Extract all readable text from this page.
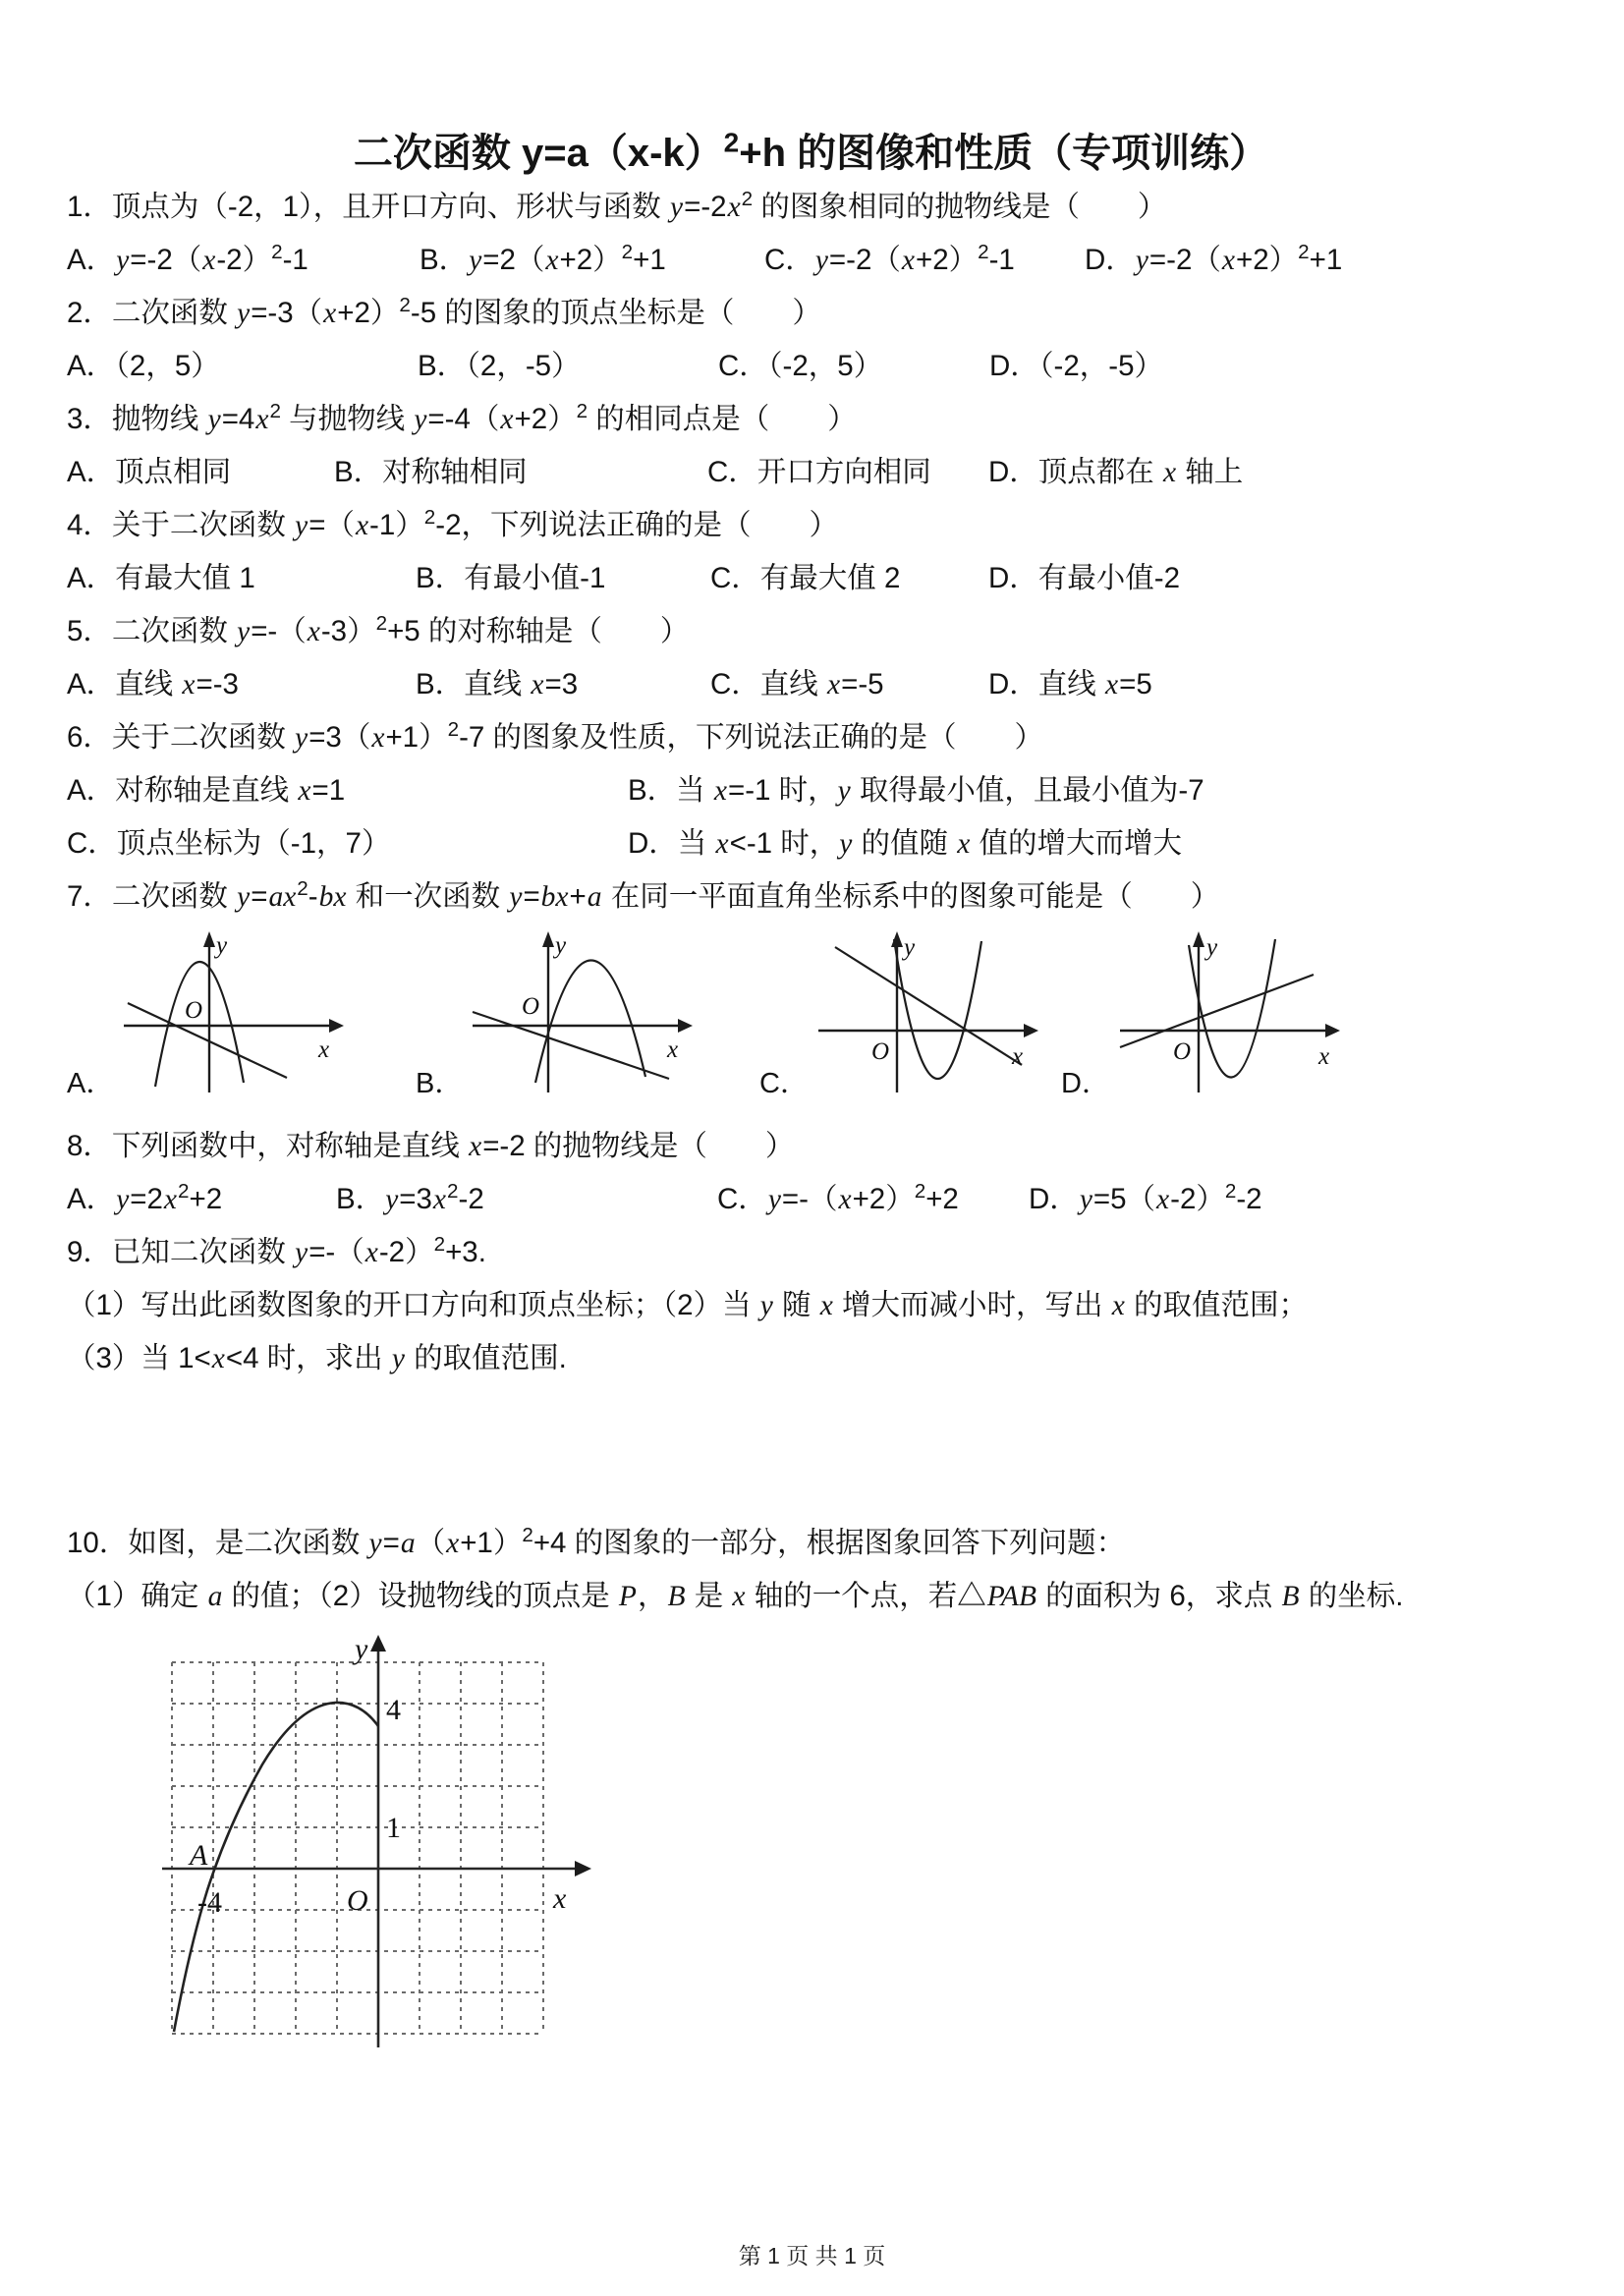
二次函数 $y=a(x-k)^2+h$ 的图像和性质（专项训练）
1．顶点为（-2，1），且开口方向、形状与函数 $y=-2x^2$ 的图象相同的抛物线是（　　）
A．$y=-2(x-2)^2-1$	B．$y=2(x+2)^2+1$	C．$y=-2(x+2)^2-1$ D．$y=-2(x+2)^2+1$
2．二次函数 $y=-3(x+2)^2-5$ 的图象的顶点坐标是（　　）
A．（2，5）	B．（2，-5）	C．（-2，5）	D．（-2，-5）
3．抛物线 $y=4x^2$ 与抛物线 $y=-4(x+2)^2$ 的相同点是（　　）
A．顶点相同	B．对称轴相同	C．开口方向相同 D．顶点都在 x 轴上
4．关于二次函数 $y=(x-1)^2-2$，下列说法正确的是（　　）
A．有最大值 1	B．有最小值-1	C．有最大值 2	D．有最小值-2
5．二次函数 $y=-(x-3)^2+5$ 的对称轴是（　　）
A．直线 x=-3	B．直线 x=3	C．直线 x=-5	D．直线 x=5
6．关于二次函数 $y=3(x+1)^2-7$ 的图象及性质，下列说法正确的是（　　）
A．对称轴是直线 x=1	B．当 x=-1 时，y 取得最小值，且最小值为-7
C．顶点坐标为（-1，7）	D．当 x<-1 时，y 的值随 x 值的增大而增大
7．二次函数 $y=ax^2-bx$ 和一次函数 y=bx+a 在同一平面直角坐标系中的图象可能是（　　）
A．
O
y
x
B．
O
y
x
C．
O
y
x
D．
O
y
x
8．下列函数中，对称轴是直线 x=-2 的抛物线是（　　）
A．$y=2x^2+2$	B．$y=3x^2-2$	C．$y=-(x+2)^2+2$ D．$y=5(x-2)^2-2$
9．已知二次函数 $y=-(x-2)^2+3$.
（1）写出此函数图象的开口方向和顶点坐标；（2）当 y 随 x 增大而减小时，写出 x 的取值范围；
（3）当 1<x<4 时，求出 y 的取值范围.
10．如图，是二次函数 $y=a(x+1)^2+4$ 的图象的一部分，根据图象回答下列问题：
（1）确定 a 的值；（2）设抛物线的顶点是 P，B 是 x 轴的一个点，若△PAB 的面积为 6，求点 B 的坐标.
y
4
1
-4	O	x
A
第 1 页 共 1 页
